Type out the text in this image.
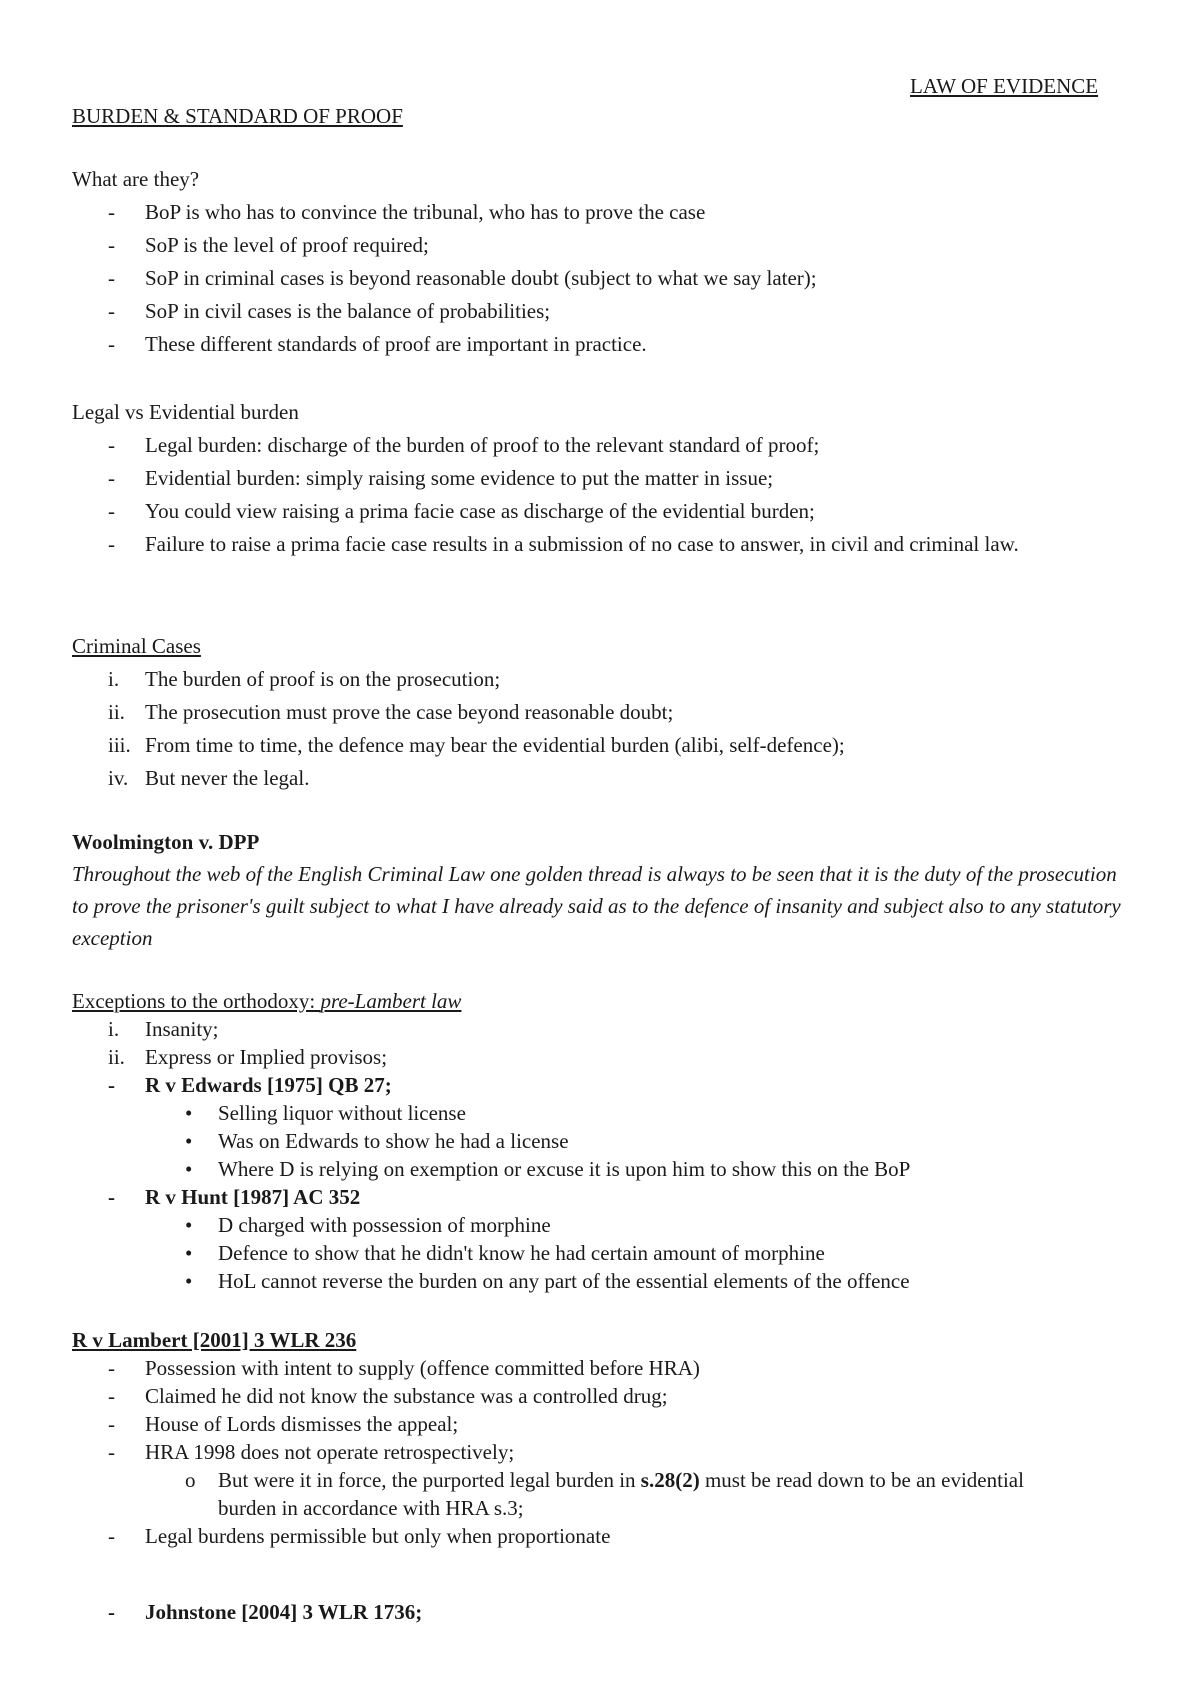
LAW OF EVIDENCE
BURDEN & STANDARD OF PROOF
What are they?
- BoP is who has to convince the tribunal, who has to prove the case
- SoP is the level of proof required;
- SoP in criminal cases is beyond reasonable doubt (subject to what we say later);
- SoP in civil cases is the balance of probabilities;
- These different standards of proof are important in practice.
Legal vs Evidential burden
- Legal burden: discharge of the burden of proof to the relevant standard of proof;
- Evidential burden: simply raising some evidence to put the matter in issue;
- You could view raising a prima facie case as discharge of the evidential burden;
- Failure to raise a prima facie case results in a submission of no case to answer, in civil and criminal law.
Criminal Cases
i. The burden of proof is on the prosecution;
ii. The prosecution must prove the case beyond reasonable doubt;
iii. From time to time, the defence may bear the evidential burden (alibi, self-defence);
iv. But never the legal.
Woolmington v. DPP
Throughout the web of the English Criminal Law one golden thread is always to be seen that it is the duty of the prosecution to prove the prisoner's guilt subject to what I have already said as to the defence of insanity and subject also to any statutory exception
Exceptions to the orthodoxy: pre-Lambert law
i. Insanity;
ii. Express or Implied provisos;
- R v Edwards [1975] QB 27;
• Selling liquor without license
• Was on Edwards to show he had a license
• Where D is relying on exemption or excuse it is upon him to show this on the BoP
- R v Hunt [1987] AC 352
• D charged with possession of morphine
• Defence to show that he didn't know he had certain amount of morphine
• HoL cannot reverse the burden on any part of the essential elements of the offence
R v Lambert [2001] 3 WLR 236
- Possession with intent to supply (offence committed before HRA)
- Claimed he did not know the substance was a controlled drug;
- House of Lords dismisses the appeal;
- HRA 1998 does not operate retrospectively;
o But were it in force, the purported legal burden in s.28(2) must be read down to be an evidential burden in accordance with HRA s.3;
- Legal burdens permissible but only when proportionate
- Johnstone [2004] 3 WLR 1736;
